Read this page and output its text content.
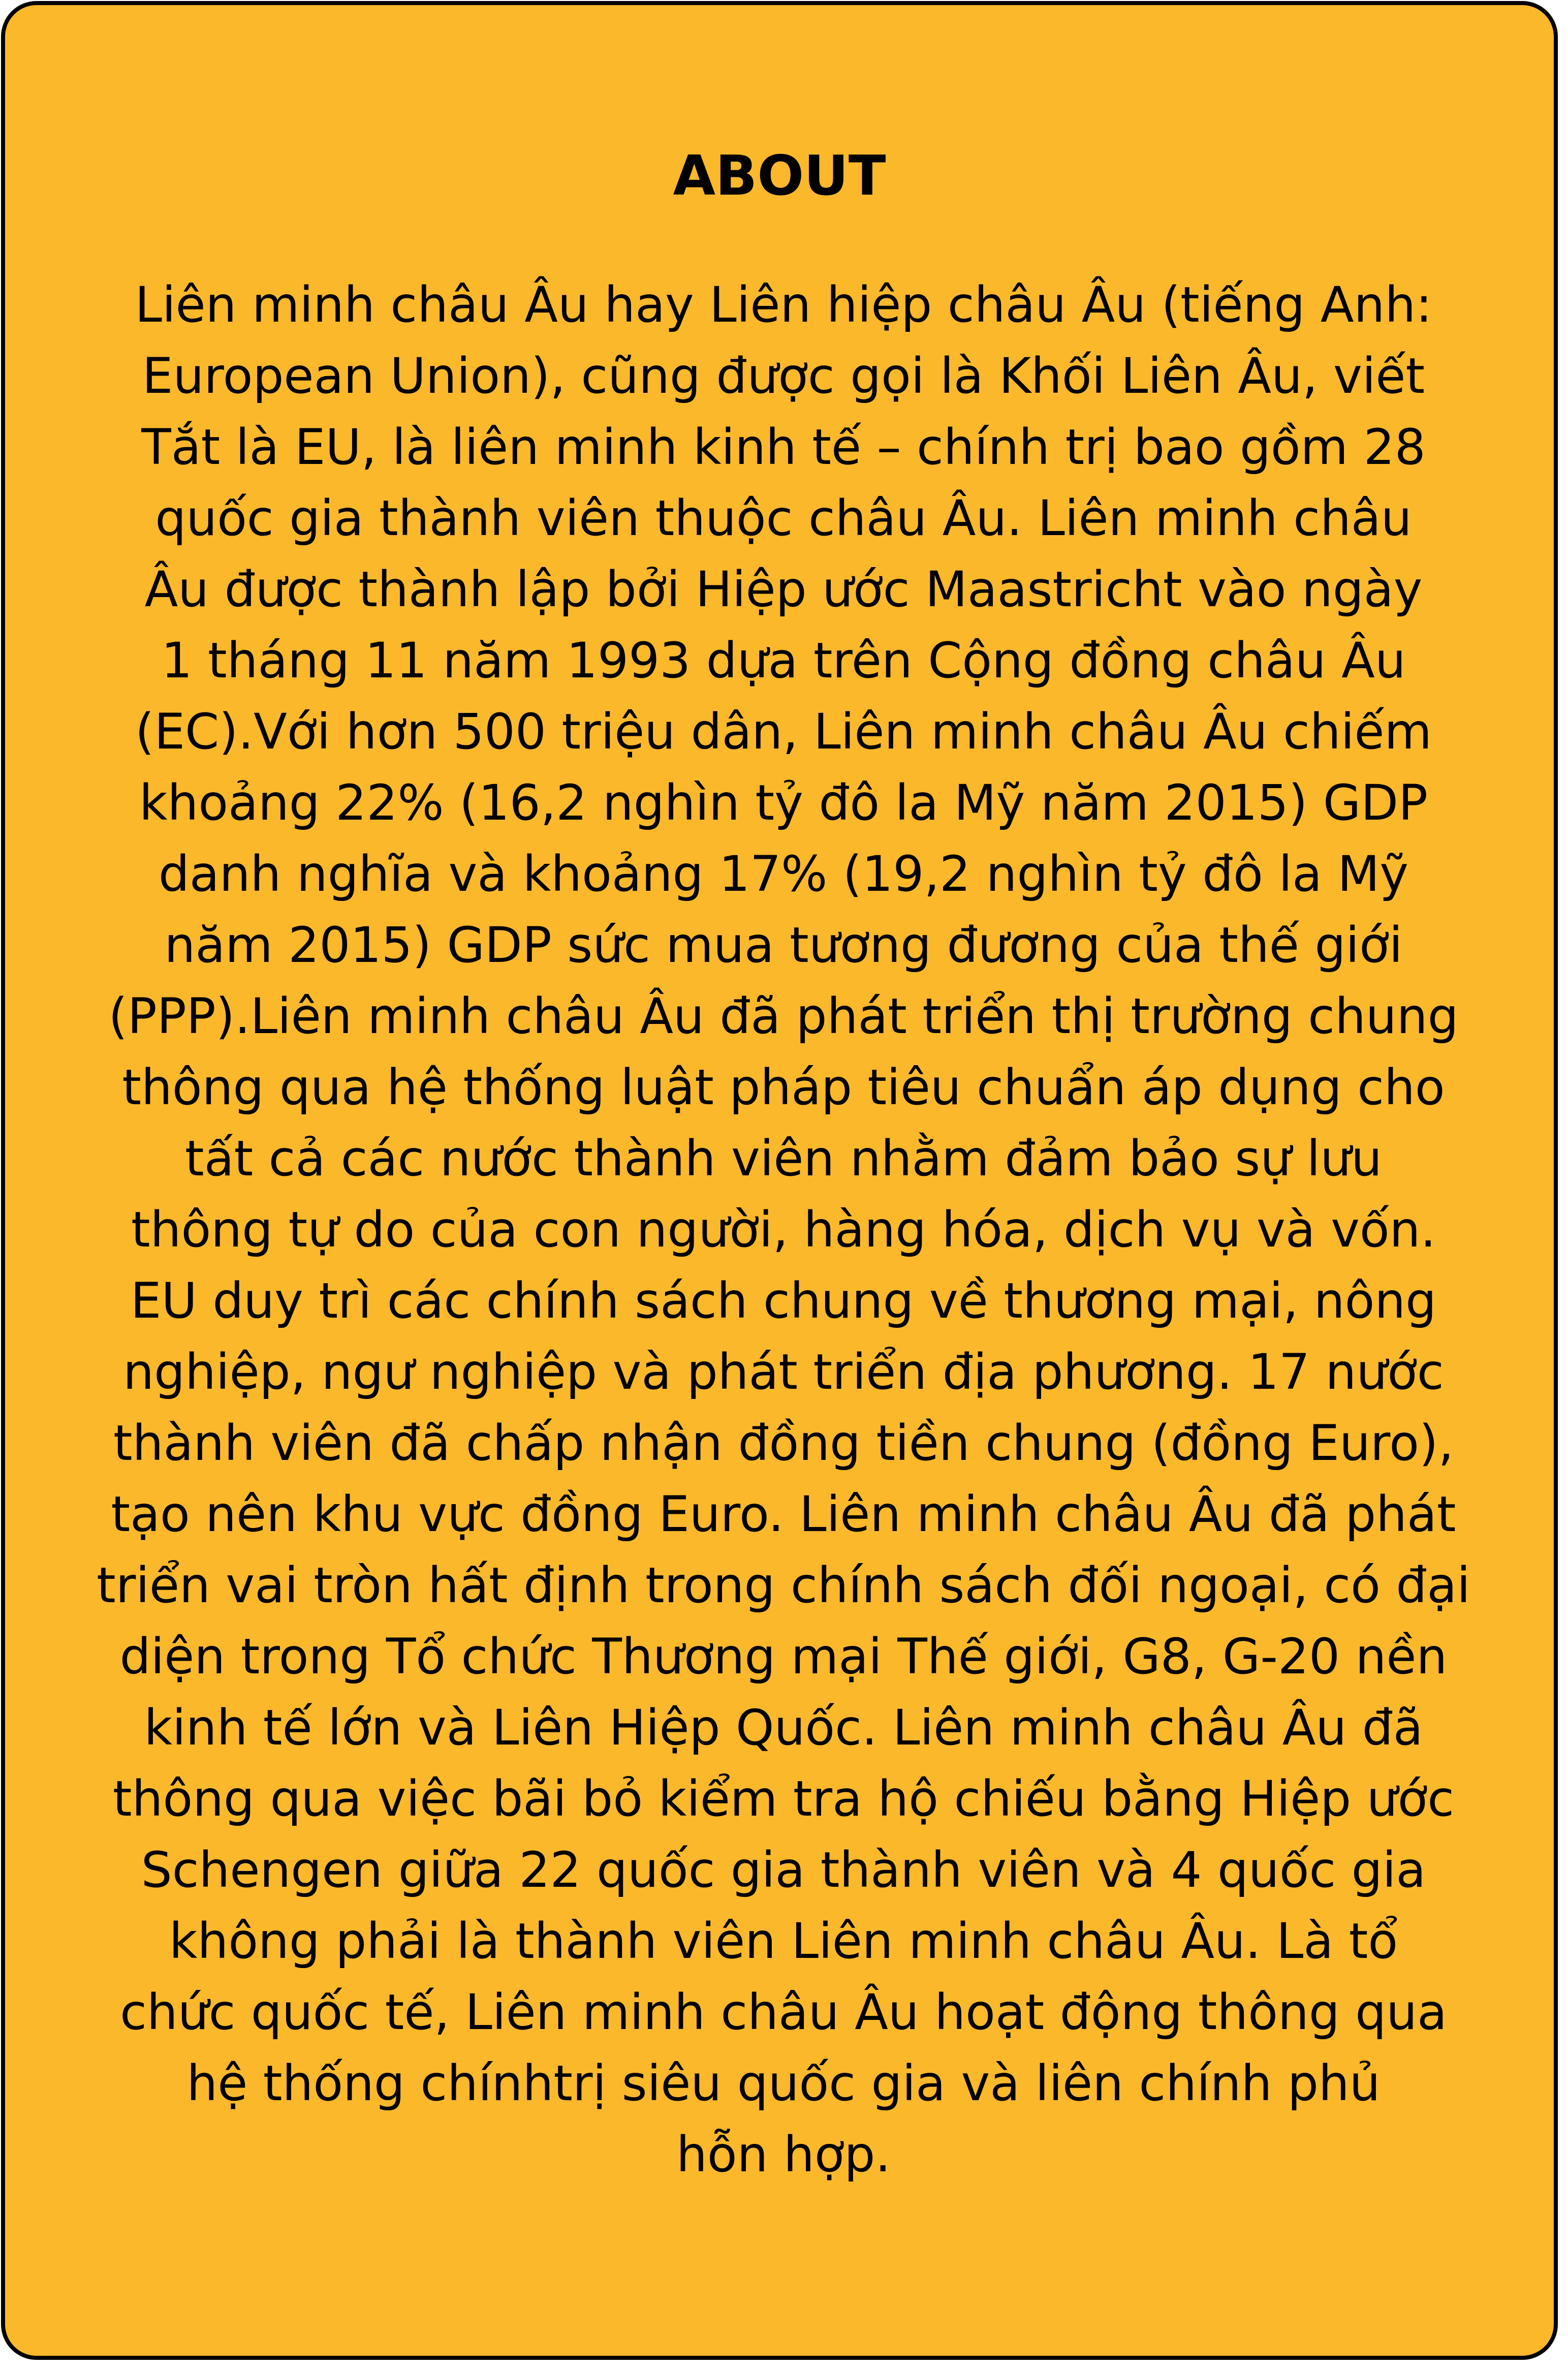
ABOUT
Liên minh châu Âu hay Liên hiệp châu Âu (tiếng Anh:
European Union), cũng được gọi là Khối Liên Âu, viết
Tắt là EU, là liên minh kinh tế – chính trị bao gồm 28
quốc gia thành viên thuộc châu Âu. Liên minh châu
Âu được thành lập bởi Hiệp ước Maastricht vào ngày
1 tháng 11 năm 1993 dựa trên Cộng đồng châu Âu
(EC).Với hơn 500 triệu dân, Liên minh châu Âu chiếm
khoảng 22% (16,2 nghìn tỷ đô la Mỹ năm 2015) GDP
danh nghĩa và khoảng 17% (19,2 nghìn tỷ đô la Mỹ
năm 2015) GDP sức mua tương đương của thế giới
(PPP).Liên minh châu Âu đã phát triển thị trường chung
thông qua hệ thống luật pháp tiêu chuẩn áp dụng cho
tất cả các nước thành viên nhằm đảm bảo sự lưu
thông tự do của con người, hàng hóa, dịch vụ và vốn.
EU duy trì các chính sách chung về thương mại, nông
nghiệp, ngư nghiệp và phát triển địa phương. 17 nước
thành viên đã chấp nhận đồng tiền chung (đồng Euro),
tạo nên khu vực đồng Euro. Liên minh châu Âu đã phát
triển vai tròn hất định trong chính sách đối ngoại, có đại
diện trong Tổ chức Thương mại Thế giới, G8, G-20 nền
kinh tế lớn và Liên Hiệp Quốc. Liên minh châu Âu đã
thông qua việc bãi bỏ kiểm tra hộ chiếu bằng Hiệp ước
Schengen giữa 22 quốc gia thành viên và 4 quốc gia
không phải là thành viên Liên minh châu Âu. Là tổ
chức quốc tế, Liên minh châu Âu hoạt động thông qua
hệ thống chínhtrị siêu quốc gia và liên chính phủ
hỗn hợp.
